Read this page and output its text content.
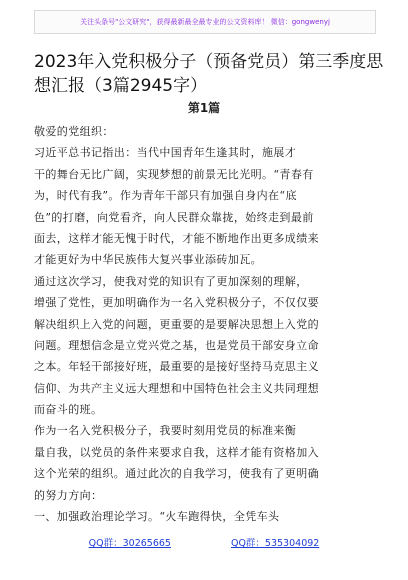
关注头条号"公文研究"，获得最新最全最专业的公文资料库！ 微信：gongwenyj
2023年入党积极分子（预备党员）第三季度思
想汇报（3篇2945字）
第1篇
敬爱的党组织：
习近平总书记指出：当代中国青年生逢其时，施展才
干的舞台无比广阔，实现梦想的前景无比光明。“青春有
为，时代有我”。作为青年干部只有加强自身内在“底
色”的打磨，向党看齐，向人民群众靠拢，始终走到最前
面去，这样才能无愧于时代，才能不断地作出更多成绩来
才能更好为中华民族伟大复兴事业添砖加瓦。
通过这次学习，使我对党的知识有了更加深刻的理解，
增强了党性，更加明确作为一名入党积极分子，不仅仅要
解决组织上入党的问题，更重要的是要解决思想上入党的
问题。理想信念是立党兴党之基，也是党员干部安身立命
之本。年轻干部接好班，最重要的是接好坚持马克思主义
信仰、为共产主义远大理想和中国特色社会主义共同理想
而奋斗的班。
作为一名入党积极分子，我要时刻用党员的标准来衡
量自我，以党员的条件来要求自我，这样才能有资格加入
这个光荣的组织。通过此次的自我学习，使我有了更明确
的努力方向：
一、加强政治理论学习。“火车跑得快，全凭车头
QQ群：30265665	QQ群：535304092
